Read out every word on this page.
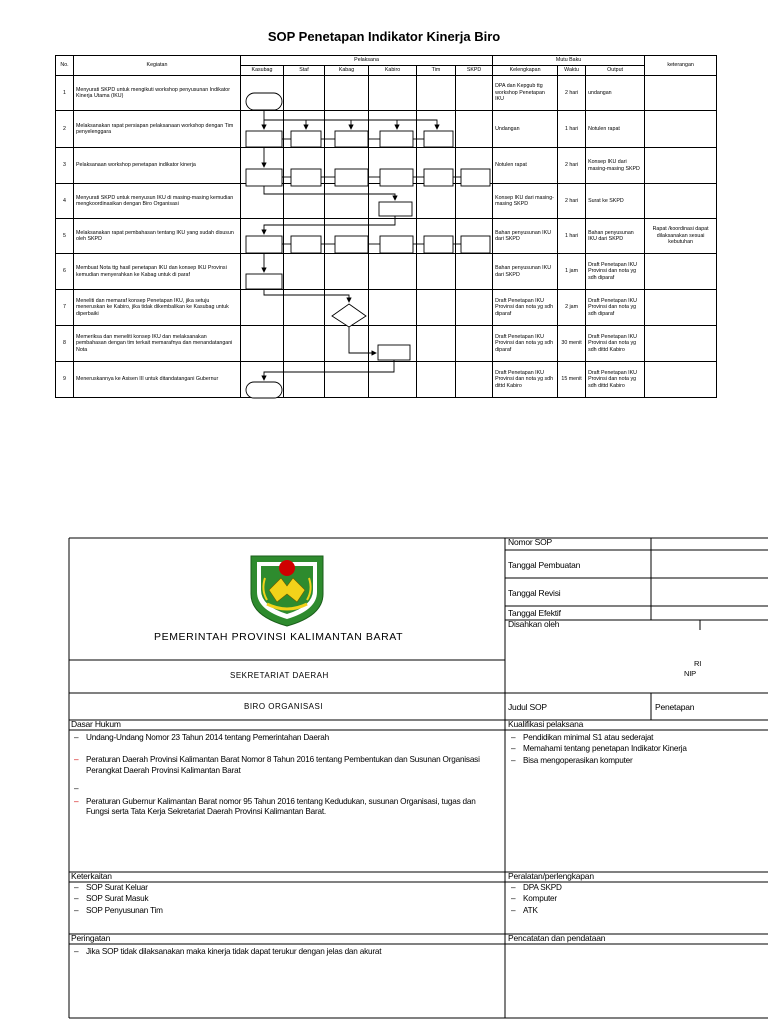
SOP Penetapan Indikator Kinerja Biro
No.	Kegiatan	Pelaksana						Mutu Baku			keterangan
		Kasubag	Staf	Kabag	Kabiro	Tim	SKPD	Kelengkapan	Waktu	Output	
1	Menyurati SKPD untuk mengikuti workshop penyusunan Indikator Kinerja Utama (IKU)							DPA dan Kepgub ttg workshop Penetapan IKU	2 hari	undangan	
2	Melaksanakan rapat persiapan pelaksanaan workshop dengan Tim penyelenggara							Undangan	1 hari	Notulen rapat	
3	Pelaksanaan workshop penetapan indikator kinerja							Notulen rapat	2 hari	Konsep IKU dari masing-masing SKPD	
4	Menyurati SKPD untuk menyusun IKU di masing-masing kemudian mengkoordinasikan dengan Biro Organisasi							Konsep IKU dari masing-masing SKPD	2 hari	Surat ke SKPD	
5	Melaksanakan rapat pembahasan tentang IKU yang sudah disusun oleh SKPD							Bahan penyusunan IKU dari SKPD	1 hari	Bahan penyusunan IKU dari SKPD	Rapat /koordinasi dapat dilaksanakan sesuai kebutuhan
6	Membuat Nota ttg hasil penetapan IKU dan konsep IKU Provinsi kemudian menyerahkan ke Kabag untuk di paraf							Bahan penyusunan IKU dari SKPD	1 jam	Draft Penetapan IKU Provinsi dan nota yg sdh diparaf	
7	Meneliti dan memaraf konsep Penetapan IKU, jika setuju meneruskan ke Kabiro, jika tidak dikembalikan ke Kasubag untuk diperbaiki							Draft Penetapan IKU Provinsi dan nota yg sdh diparaf	2 jam	Draft Penetapan IKU Provinsi dan nota yg sdh diparaf	
8	Memeriksa dan meneliti konsep IKU dan melaksanakan pembahasan dengan tim terkait memarafnya dan menandatangani Nota							Draft Penetapan IKU Provinsi dan nota yg sdh diparaf	30 menit	Draft Penetapan IKU Provinsi dan nota yg sdh dittd Kabiro	
9	Meneruskannya ke Asisen III untuk ditandatangani Gubernur							Draft Penetapan IKU Provinsi dan nota yg sdh dittd Kabiro	15 menit	Draft Penetapan IKU Provinsi dan nota yg sdh dittd Kabiro	
PEMERINTAH PROVINSI KALIMANTAN BARAT
SEKRETARIAT DAERAH
BIRO ORGANISASI
Nomor SOP
Tanggal Pembuatan
Tanggal Revisi
Tanggal Efektif
Disahkan oleh
RI
NIP
Judul SOP	Penetapan
Dasar Hukum
– Undang-Undang Nomor 23 Tahun 2014 tentang Pemerintahan Daerah
– Peraturan Daerah Provinsi Kalimantan Barat Nomor 8 Tahun 2016 tentang Pembentukan dan Susunan Organisasi Perangkat Daerah Provinsi Kalimantan Barat
–
– Peraturan Gubernur Kalimantan Barat nomor 95 Tahun 2016 tentang Kedudukan, susunan Organisasi, tugas dan Fungsi serta Tata Kerja Sekretariat Daerah Provinsi Kalimantan Barat.
Kualifikasi pelaksana
– Pendidikan minimal S1 atau sederajat
– Memahami tentang penetapan Indikator Kinerja
– Bisa mengoperasikan komputer
Keterkaitan
– SOP Surat Keluar
– SOP Surat Masuk
– SOP Penyusunan Tim
Peralatan/perlengkapan
– DPA SKPD
– Komputer
– ATK
Peringatan
– Jika SOP tidak dilaksanakan maka kinerja tidak dapat terukur dengan jelas dan akurat
Pencatatan dan pendataan
